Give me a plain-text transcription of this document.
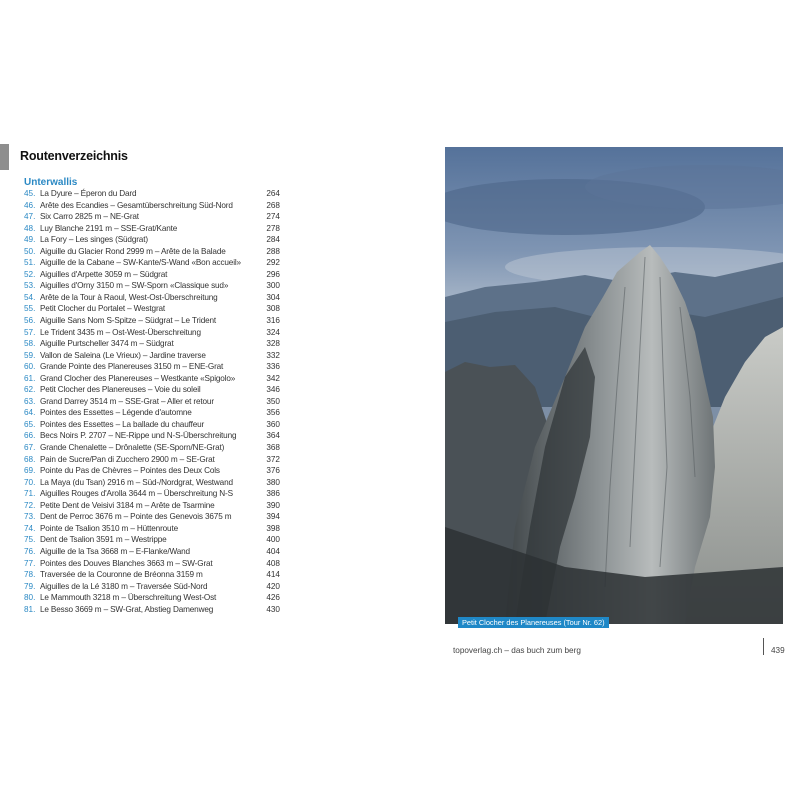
Routenverzeichnis
Unterwallis
45. La Dyure – Éperon du Dard	264
46. Arête des Ecandies – Gesamtüberschreitung Süd-Nord	268
47. Six Carro 2825 m – NE-Grat	274
48. Luy Blanche 2191 m – SSE-Grat/Kante	278
49. La Fory – Les singes (Südgrat)	284
50. Aiguille du Glacier Rond 2999 m – Arête de la Balade	288
51. Aiguille de la Cabane – SW-Kante/S-Wand «Bon accueil»	292
52. Aiguilles d'Arpette 3059 m – Südgrat	296
53. Aiguilles d'Orny 3150 m – SW-Sporn «Classique sud»	300
54. Arête de la Tour à Raoul, West-Ost-Überschreitung	304
55. Petit Clocher du Portalet – Westgrat	308
56. Aiguille Sans Nom S-Spitze – Südgrat – Le Trident	316
57. Le Trident 3435 m – Ost-West-Überschreitung	324
58. Aiguille Purtscheller 3474 m – Südgrat	328
59. Vallon de Saleina (Le Vrieux) – Jardine traverse	332
60. Grande Pointe des Planereuses 3150 m – ENE-Grat	336
61. Grand Clocher des Planereuses – Westkante «Spigolo»	342
62. Petit Clocher des Planereuses – Voie du soleil	346
63. Grand Darrey 3514 m – SSE-Grat – Aller et retour	350
64. Pointes des Essettes – Légende d'automne	356
65. Pointes des Essettes – La ballade du chauffeur	360
66. Becs Noirs P. 2707 – NE-Rippe und N-S-Überschreitung	364
67. Grande Chenalette – Drônalette (SE-Sporn/NE-Grat)	368
68. Pain de Sucre/Pan di Zucchero 2900 m – SE-Grat	372
69. Pointe du Pas de Chèvres – Pointes des Deux Cols	376
70. La Maya (du Tsan) 2916 m – Süd-/Nordgrat, Westwand	380
71. Aiguilles Rouges d'Arolla 3644 m – Überschreitung N-S	386
72. Petite Dent de Veisivi 3184 m – Arête de Tsarmine	390
73. Dent de Perroc 3676 m – Pointe des Genevois 3675 m	394
74. Pointe de Tsalion 3510 m – Hüttenroute	398
75. Dent de Tsalion 3591 m – Westrippe	400
76. Aiguille de la Tsa 3668 m – E-Flanke/Wand	404
77. Pointes des Douves Blanches 3663 m – SW-Grat	408
78. Traversée de la Couronne de Bréonna 3159 m	414
79. Aiguilles de la Lé 3180 m – Traversée Süd-Nord	420
80. Le Mammouth 3218 m – Überschreitung West-Ost	426
81. Le Besso 3669 m – SW-Grat, Abstieg Damenweg	430
Petit Clocher des Planereuses (Tour Nr. 62)
topoverlag.ch – das buch zum berg	439
